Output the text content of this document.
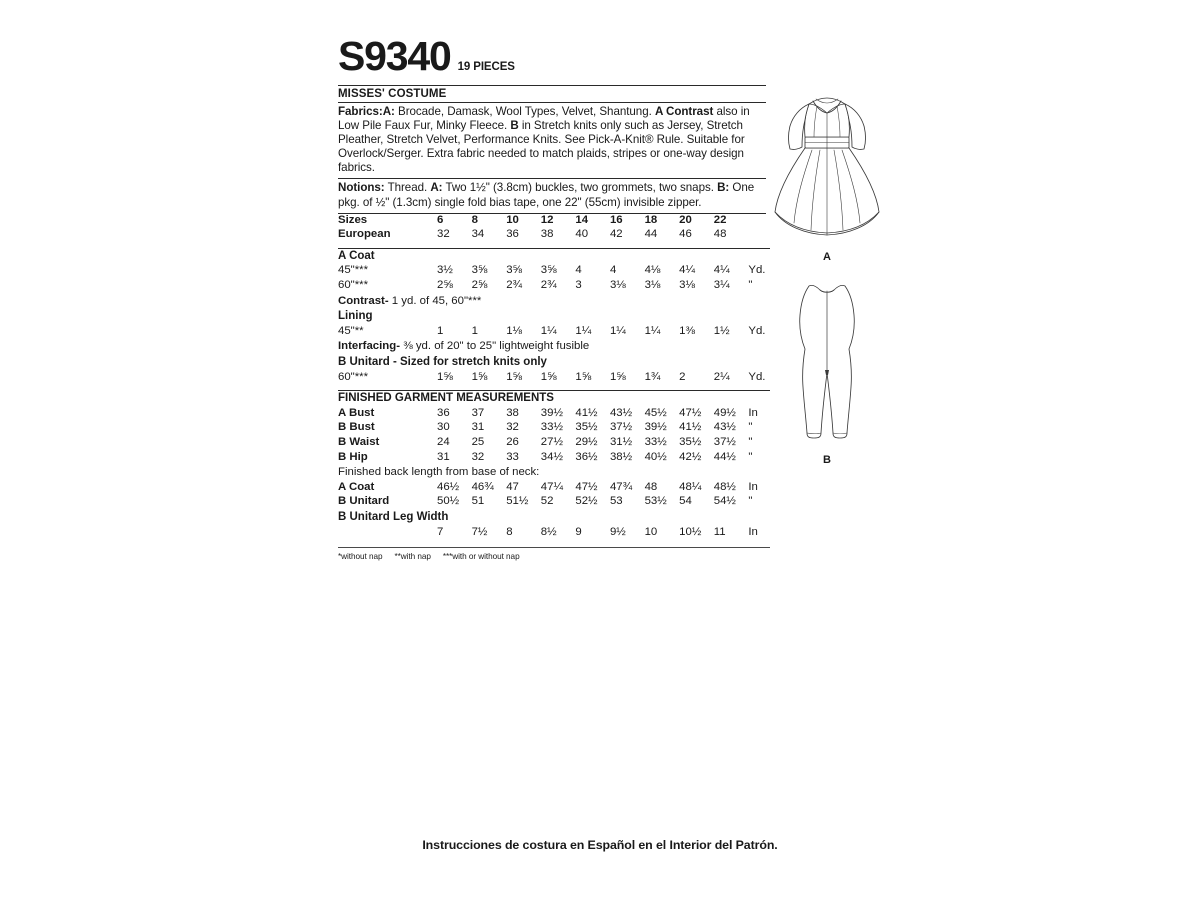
S9340 19 PIECES
MISSES' COSTUME
Fabrics:A: Brocade, Damask, Wool Types, Velvet, Shantung. A Contrast also in Low Pile Faux Fur, Minky Fleece. B in Stretch knits only such as Jersey, Stretch Pleather, Stretch Velvet, Performance Knits. See Pick-A-Knit® Rule. Suitable for Overlock/Serger. Extra fabric needed to match plaids, stripes or one-way design fabrics.
Notions: Thread. A: Two 1½" (3.8cm) buckles, two grommets, two snaps. B: One pkg. of ½" (1.3cm) single fold bias tape, one 22" (55cm) invisible zipper.
Sizes	6	8	10	12	14	16	18	20	22	
European	32	34	36	38	40	42	44	46	48	

A Coat										
45"***	3½	3⅝	3⅝	3⅝	4	4	4⅛	4¼	4¼	Yd.
60"***	2⅝	2⅝	2¾	2¾	3	3⅛	3⅛	3⅛	3¼	"
Contrast- 1 yd. of 45, 60"***										
Lining										
45"**	1	1	1⅛	1¼	1¼	1¼	1¼	1⅜	1½	Yd.
Interfacing- ⅜ yd. of 20" to 25" lightweight fusible										
B Unitard - Sized for stretch knits only										
60"***	1⅝	1⅝	1⅝	1⅝	1⅝	1⅝	1¾	2	2¼	Yd.

FINISHED GARMENT MEASUREMENTS										
A Bust	36	37	38	39½	41½	43½	45½	47½	49½	In
B Bust	30	31	32	33½	35½	37½	39½	41½	43½	"
B Waist	24	25	26	27½	29½	31½	33½	35½	37½	"
B Hip	31	32	33	34½	36½	38½	40½	42½	44½	"
Finished back length from base of neck:										
A Coat	46½	46¾	47	47¼	47½	47¾	48	48¼	48½	In
B Unitard	50½	51	51½	52	52½	53	53½	54	54½	"
B Unitard Leg Width										
	7	7½	8	8½	9	9½	10	10½	11	In

*without nap **with nap ***with or without nap
A
B
Instrucciones de costura en Español en el Interior del Patrón.
